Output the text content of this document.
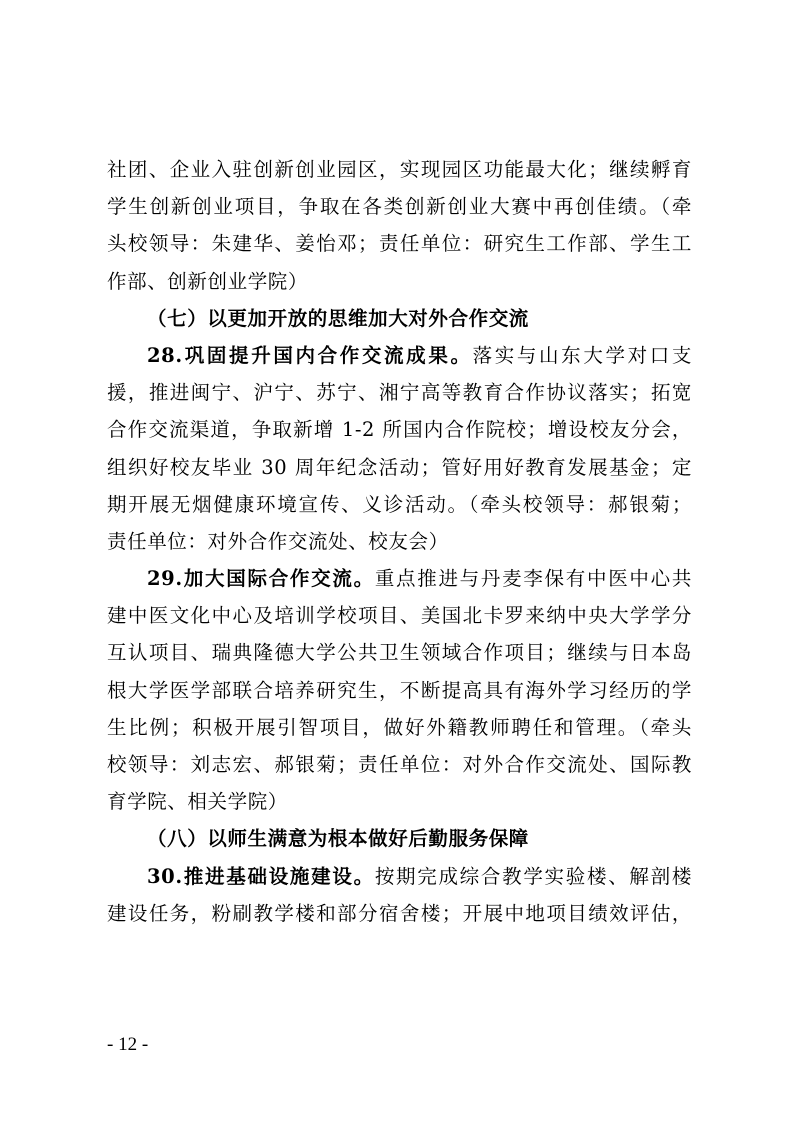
社团、企业入驻创新创业园区，实现园区功能最大化；继续孵育
学生创新创业项目，争取在各类创新创业大赛中再创佳绩。（牵
头校领导：朱建华、姜怡邓；责任单位：研究生工作部、学生工
作部、创新创业学院）
（七）以更加开放的思维加大对外合作交流
28.巩固提升国内合作交流成果。落实与山东大学对口支
援，推进闽宁、沪宁、苏宁、湘宁高等教育合作协议落实；拓宽
合作交流渠道，争取新增 1-2 所国内合作院校；增设校友分会，
组织好校友毕业 30 周年纪念活动；管好用好教育发展基金；定
期开展无烟健康环境宣传、义诊活动。（牵头校领导：郝银菊；
责任单位：对外合作交流处、校友会）
29.加大国际合作交流。重点推进与丹麦李保有中医中心共
建中医文化中心及培训学校项目、美国北卡罗来纳中央大学学分
互认项目、瑞典隆德大学公共卫生领域合作项目；继续与日本岛
根大学医学部联合培养研究生，不断提高具有海外学习经历的学
生比例；积极开展引智项目，做好外籍教师聘任和管理。（牵头
校领导：刘志宏、郝银菊；责任单位：对外合作交流处、国际教
育学院、相关学院）
（八）以师生满意为根本做好后勤服务保障
30.推进基础设施建设。按期完成综合教学实验楼、解剖楼
建设任务，粉刷教学楼和部分宿舍楼；开展中地项目绩效评估，
- 12 -
